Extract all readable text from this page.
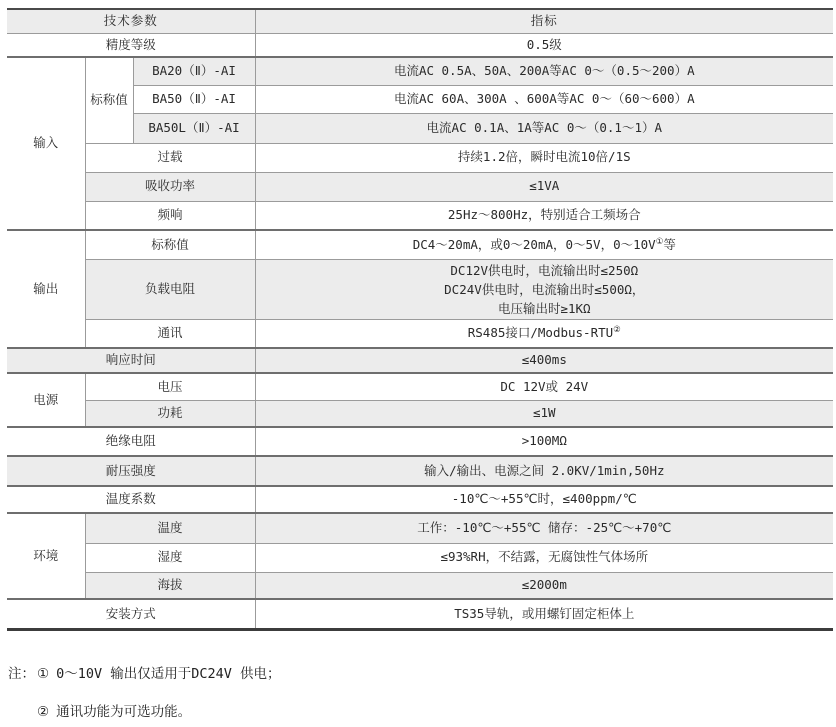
技术参数			指标
精度等级			0.5级
输入	标称值	BA20（Ⅱ）-AI	电流AC 0.5A、50A、200A等AC 0～（0.5～200）A
		BA50（Ⅱ）-AI	电流AC 60A、300A 、600A等AC 0～（60～600）A
		BA50L（Ⅱ）-AI	电流AC 0.1A、1A等AC 0～（0.1～1）A
	过载		持续1.2倍，瞬时电流10倍/1S
	吸收功率		≤1VA
	频响		25Hz～800Hz，特别适合工频场合
输出	标称值		DC4～20mA，或0～20mA，0～5V，0～10V①等
	负载电阻		DC12V供电时，电流输出时≤250Ω
DC24V供电时，电流输出时≤500Ω，
电压输出时≥1KΩ

	通讯		RS485接口/Modbus-RTU②
响应时间			≤400ms
电源	电压		DC 12V或 24V
	功耗		≤1W
绝缘电阻			>100MΩ
耐压强度			输入/输出、电源之间 2.0KV/1min,50Hz
温度系数			-10℃～+55℃时，≤400ppm/℃
环境	温度		工作：-10℃～+55℃ 储存：-25℃～+70℃
	湿度		≤93%RH，不结露，无腐蚀性气体场所
	海拔		≤2000m
安装方式			TS35导轨，或用螺钉固定柜体上
注： ① 0～10V 输出仅适用于DC24V 供电；
② 通讯功能为可选功能。
